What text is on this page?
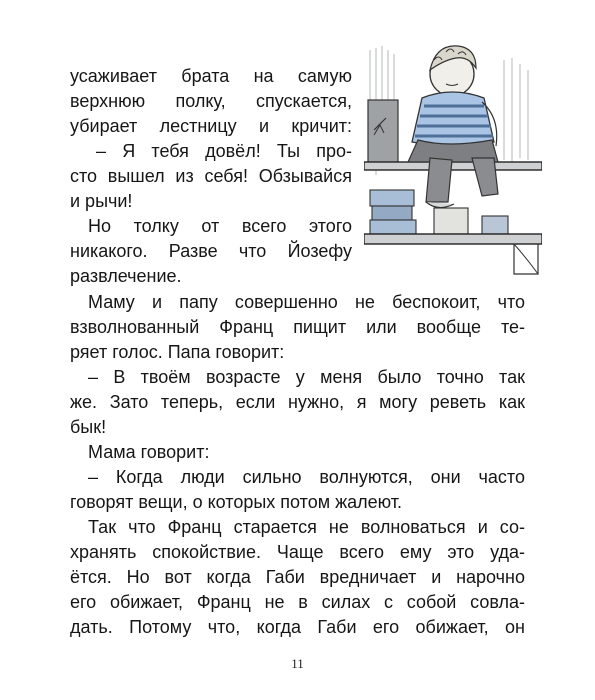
усаживает брата на самую
верхнюю полку, спускается,
убирает лестницу и кричит:
– Я тебя довёл! Ты про-
сто вышел из себя! Обзывайся
и рычи!
Но толку от всего этого
никакого. Разве что Йозефу
развлечение.
Маму и папу совершенно не беспокоит, что
взволнованный Франц пищит или вообще те-
ряет голос. Папа говорит:
– В твоём возрасте у меня было точно так
же. Зато теперь, если нужно, я могу реветь как
бык!
Мама говорит:
– Когда люди сильно волнуются, они часто
говорят вещи, о которых потом жалеют.
Так что Франц старается не волноваться и со-
хранять спокойствие. Чаще всего ему это уда-
ётся. Но вот когда Габи вредничает и нарочно
его обижает, Франц не в силах с собой совла-
дать. Потому что, когда Габи его обижает, он
11
